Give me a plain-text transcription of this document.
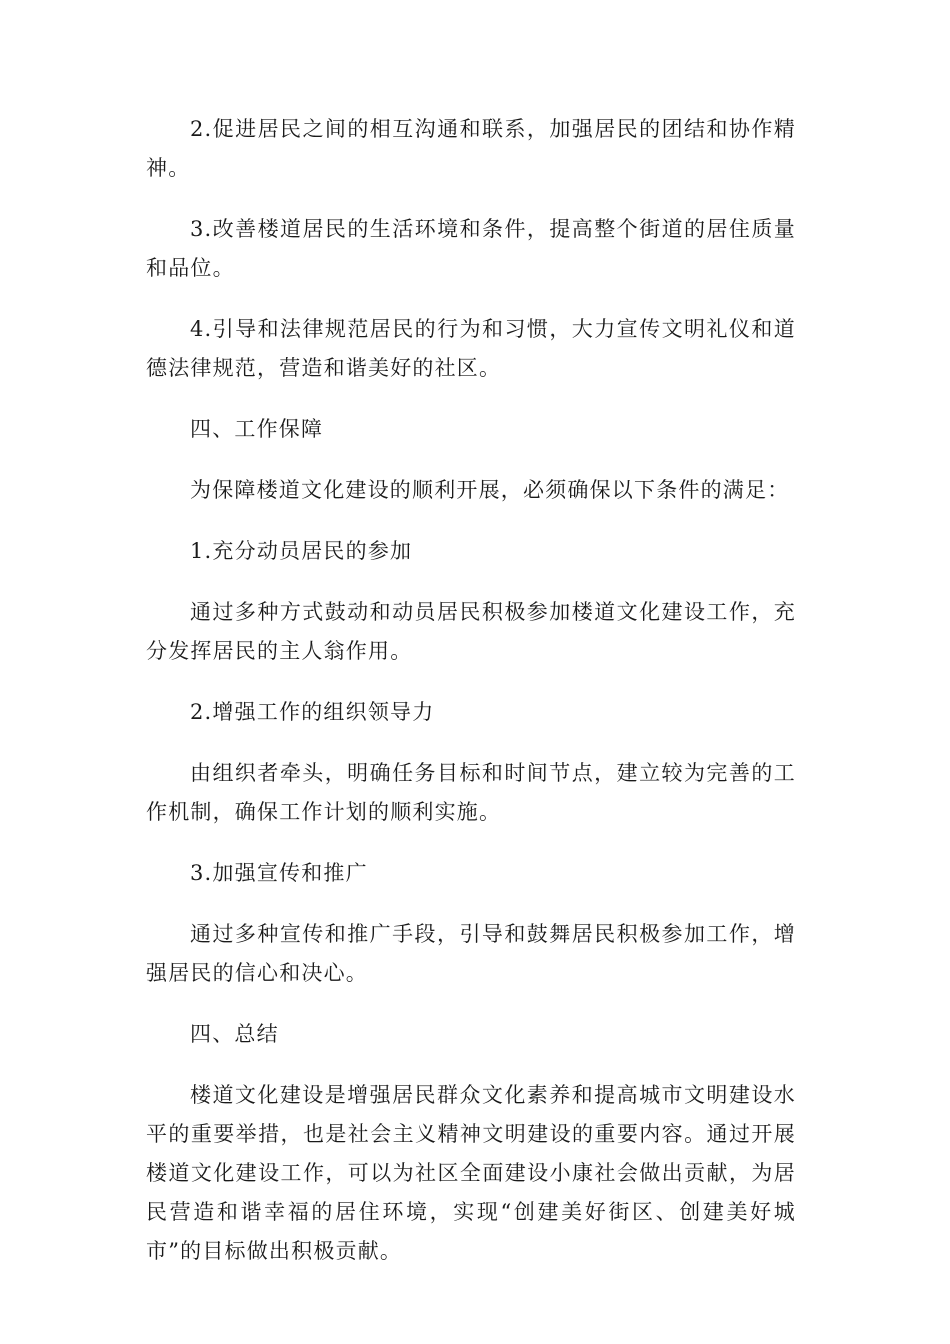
2.促进居民之间的相互沟通和联系，加强居民的团结和协作精神。

3.改善楼道居民的生活环境和条件，提高整个街道的居住质量和品位。

4.引导和法律规范居民的行为和习惯，大力宣传文明礼仪和道德法律规范，营造和谐美好的社区。

四、工作保障

为保障楼道文化建设的顺利开展，必须确保以下条件的满足：

1.充分动员居民的参加

通过多种方式鼓动和动员居民积极参加楼道文化建设工作，充分发挥居民的主人翁作用。

2.增强工作的组织领导力

由组织者牵头，明确任务目标和时间节点，建立较为完善的工作机制，确保工作计划的顺利实施。

3.加强宣传和推广

通过多种宣传和推广手段，引导和鼓舞居民积极参加工作，增强居民的信心和决心。

四、总结

楼道文化建设是增强居民群众文化素养和提高城市文明建设水平的重要举措，也是社会主义精神文明建设的重要内容。通过开展楼道文化建设工作，可以为社区全面建设小康社会做出贡献，为居民营造和谐幸福的居住环境，实现“创建美好街区、创建美好城市”的目标做出积极贡献。
